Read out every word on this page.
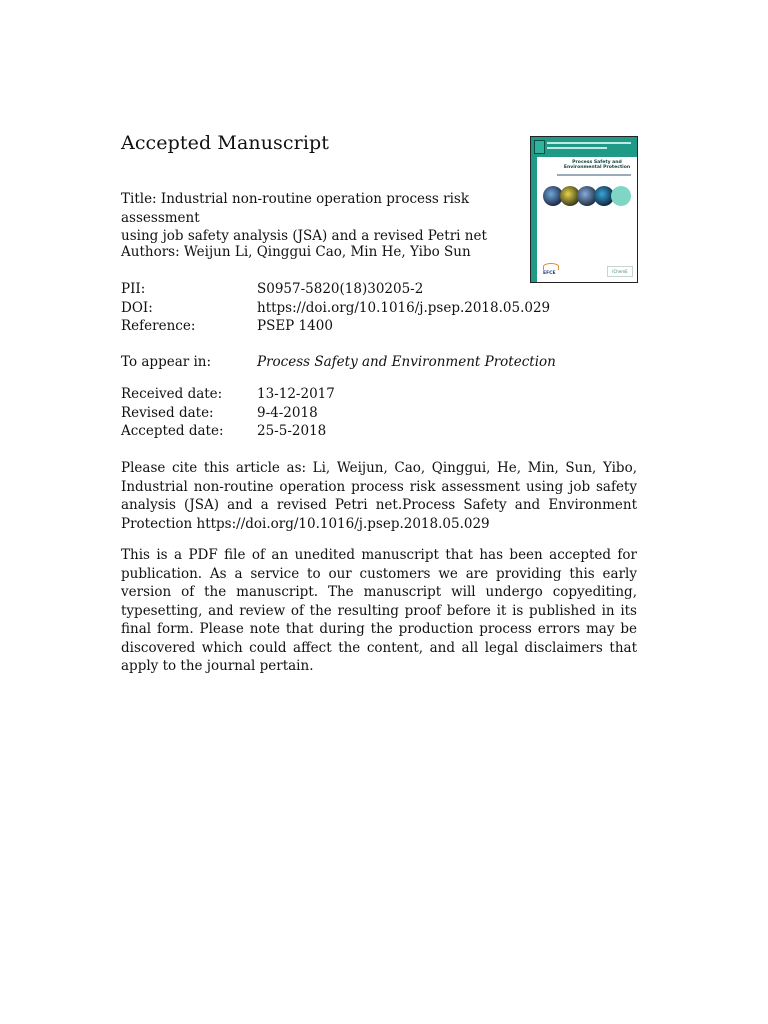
Accepted Manuscript
Title: Industrial non-routine operation process risk assessment
using job safety analysis (JSA) and a revised Petri net
Authors: Weijun Li, Qinggui Cao, Min He, Yibo Sun
PII:	S0957-5820(18)30205-2
DOI:	https://doi.org/10.1016/j.psep.2018.05.029
Reference:	PSEP 1400
To appear in:	Process Safety and Environment Protection
Received date:	13-12-2017
Revised date:	9-4-2018
Accepted date:	25-5-2018
Please cite this article as: Li, Weijun, Cao, Qinggui, He, Min, Sun, Yibo, Industrial non-routine operation process risk assessment using job safety analysis (JSA) and a revised Petri net.Process Safety and Environment Protection https://doi.org/10.1016/j.psep.2018.05.029
This is a PDF file of an unedited manuscript that has been accepted for publication. As a service to our customers we are providing this early version of the manuscript. The manuscript will undergo copyediting, typesetting, and review of the resulting proof before it is published in its final form. Please note that during the production process errors may be discovered which could affect the content, and all legal disclaimers that apply to the journal pertain.
Process Safety and Environmental Protection
EFCE	IChemE
